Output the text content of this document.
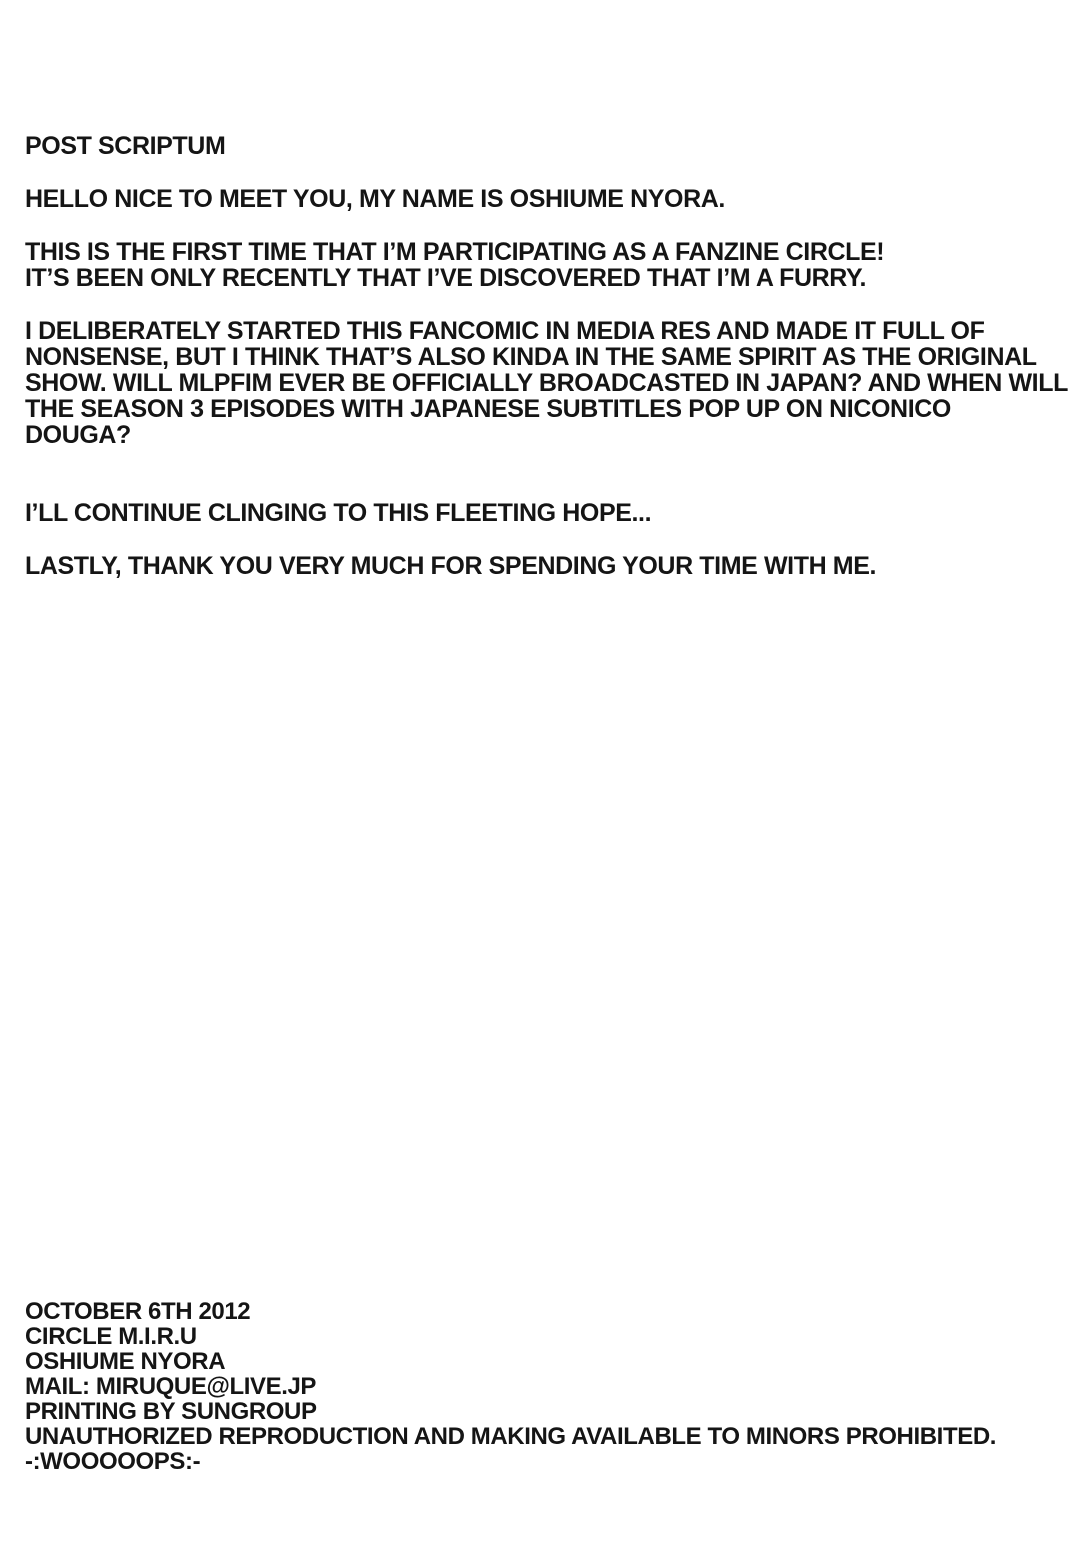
POST SCRIPTUM
HELLO NICE TO MEET YOU, MY NAME IS OSHIUME NYORA.
THIS IS THE FIRST TIME THAT I’M PARTICIPATING AS A FANZINE CIRCLE!
IT’S BEEN ONLY RECENTLY THAT I’VE DISCOVERED THAT I’M A FURRY.
I DELIBERATELY STARTED THIS FANCOMIC IN MEDIA RES AND MADE IT FULL OF
NONSENSE, BUT I THINK THAT’S ALSO KINDA IN THE SAME SPIRIT AS THE ORIGINAL
SHOW. WILL MLPFIM EVER BE OFFICIALLY BROADCASTED IN JAPAN? AND WHEN WILL
THE SEASON 3 EPISODES WITH JAPANESE SUBTITLES POP UP ON NICONICO
DOUGA?
I’LL CONTINUE CLINGING TO THIS FLEETING HOPE...
LASTLY, THANK YOU VERY MUCH FOR SPENDING YOUR TIME WITH ME.
OCTOBER 6TH 2012
CIRCLE M.I.R.U
OSHIUME NYORA
MAIL: MIRUQUE@LIVE.JP
PRINTING BY SUNGROUP
UNAUTHORIZED REPRODUCTION AND MAKING AVAILABLE TO MINORS PROHIBITED.
-:WOOOOOPS:-
